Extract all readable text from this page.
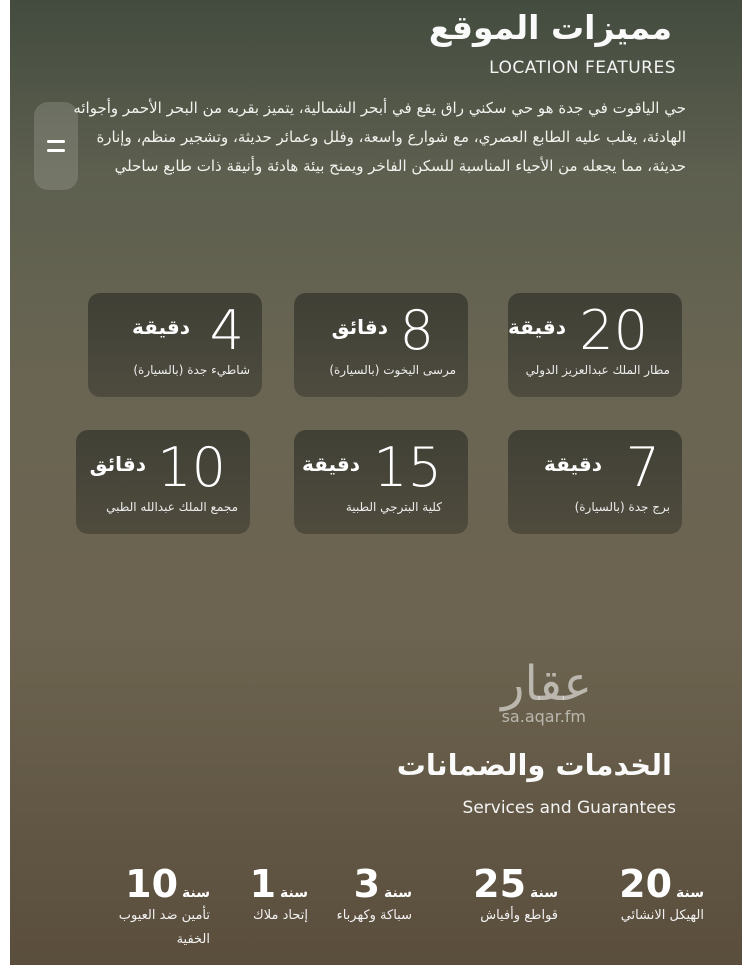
مميزات الموقع
LOCATION FEATURES
حي الياقوت في جدة هو حي سكني راق يقع في أبحر الشمالية، يتميز بقربه من البحر الأحمر وأجوائه الهادئة، يغلب عليه الطابع العصري، مع شوارع واسعة، وفلل وعمائر حديثة، وتشجير منظم، وإنارة حديثة، مما يجعله من الأحياء المناسبة للسكن الفاخر ويمنح بيئة هادئة وأنيقة ذات طابع ساحلي
20
دقيقة
مطار الملك عبدالعزيز الدولي
8
دقائق
مرسى اليخوت (بالسيارة)
4
دقيقة
شاطيء جدة (بالسيارة)
7
دقيقة
برج جدة (بالسيارة)
15
دقيقة
كلية البترجي الطبية
10
دقائق
مجمع الملك عبدالله الطبي
عقار
sa.aqar.fm
الخدمات والضمانات
Services and Guarantees
سنة20
الهيكل الانشائي
سنة25
قواطع وأفياش
سنة3
سباكة وكهرباء
سنة1
إتحاد ملاك
سنة10
تأمين ضد العيوب
الخفية
